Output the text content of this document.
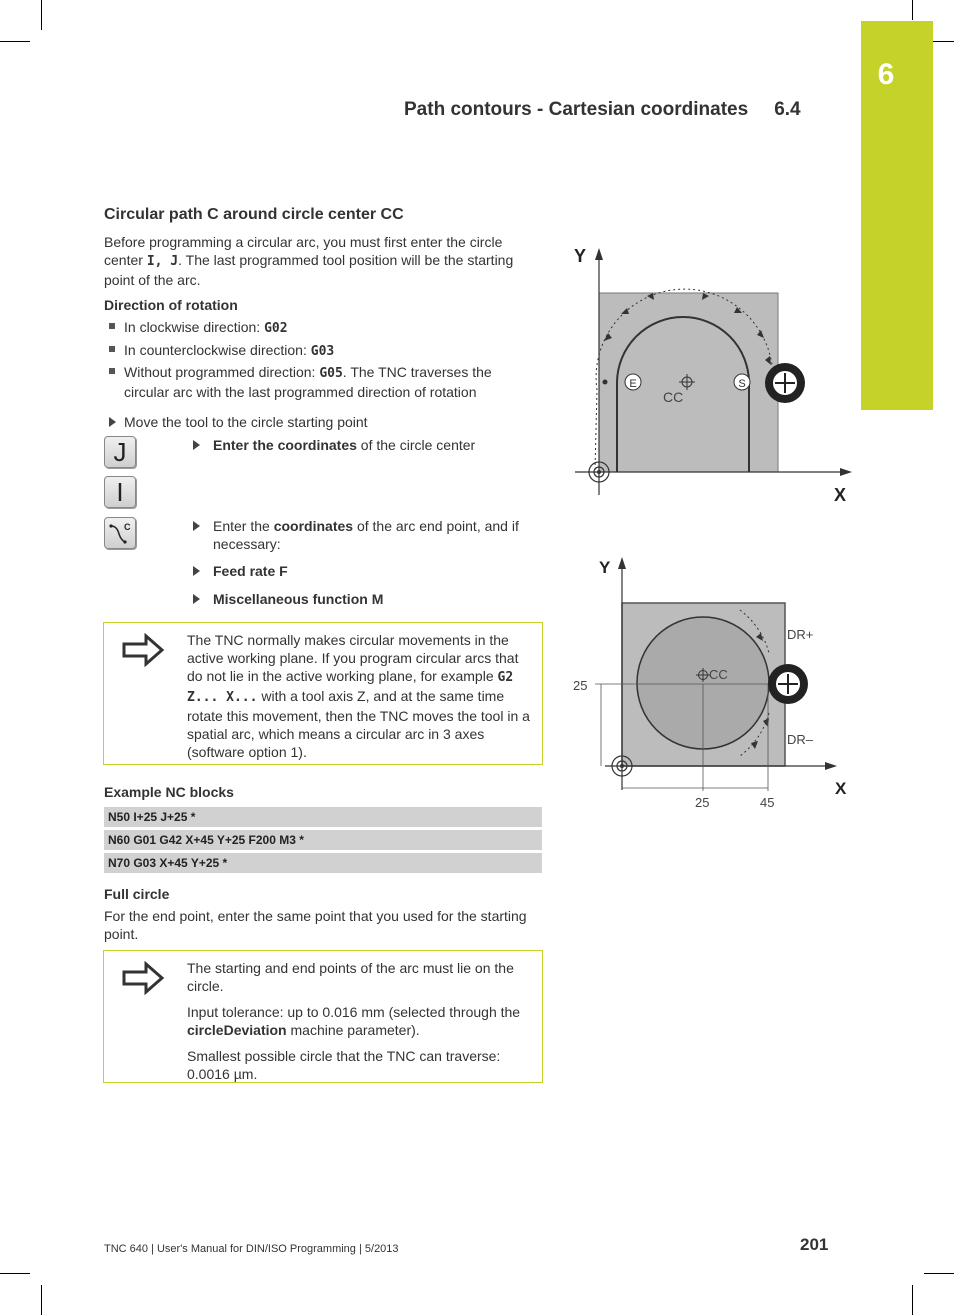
6
Path contours - Cartesian coordinates 6.4
Circular path C around circle center CC
Before programming a circular arc, you must first enter the circle center I, J. The last programmed tool position will be the starting point of the arc.
Direction of rotation
In clockwise direction: G02
In counterclockwise direction: G03
Without programmed direction: G05. The TNC traverses the circular arc with the last programmed direction of rotation
Move the tool to the circle starting point
J
I
C
Enter the coordinates of the circle center
Enter the coordinates of the arc end point, and if necessary:
Feed rate F
Miscellaneous function M
The TNC normally makes circular movements in the active working plane. If you program circular arcs that do not lie in the active working plane, for example G2 Z... X... with a tool axis Z, and at the same time rotate this movement, then the TNC moves the tool in a spatial arc, which means a circular arc in 3 axes (software option 1).
Example NC blocks
N50 I+25 J+25 *
N60 G01 G42 X+45 Y+25 F200 M3 *
N70 G03 X+45 Y+25 *
Full circle
For the end point, enter the same point that you used for the starting point.

The starting and end points of the arc must lie on the circle.

Input tolerance: up to 0.016 mm (selected through the circleDeviation machine parameter).

Smallest possible circle that the TNC can traverse: 0.0016 µm.

Y
X
E	S
CC
Y
X
CC
DR+
DR–
25
25	45
TNC 640 | User's Manual for DIN/ISO Programming | 5/2013	201
